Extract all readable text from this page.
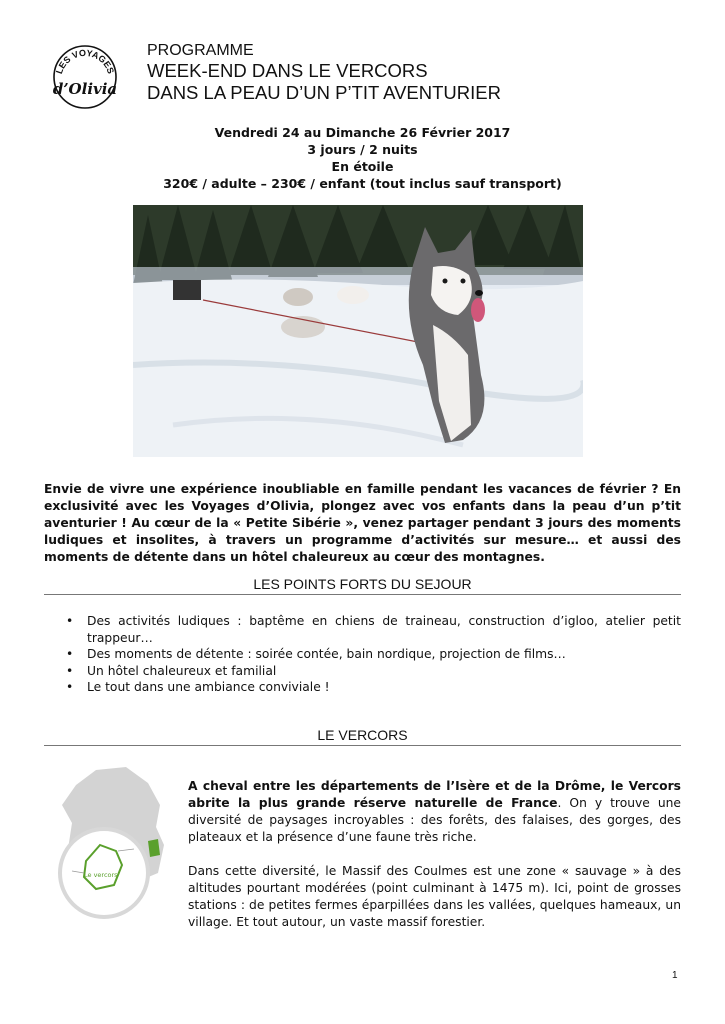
LES VOYAGES
d’Olivia
PROGRAMME
WEEK-END DANS LE VERCORS
DANS LA PEAU D’UN P’TIT AVENTURIER
Vendredi 24 au Dimanche 26 Février 2017
3 jours / 2 nuits
En étoile
320€ / adulte – 230€ / enfant (tout inclus sauf transport)
Envie de vivre une expérience inoubliable en famille pendant les vacances de février ? En exclusivité avec les Voyages d’Olivia, plongez avec vos enfants dans la peau d’un p’tit aventurier ! Au cœur de la « Petite Sibérie », venez partager pendant 3 jours des moments ludiques et insolites, à travers un programme d’activités sur mesure… et aussi des moments de détente dans un hôtel chaleureux au cœur des montagnes.
LES POINTS FORTS DU SEJOUR
• Des activités ludiques : baptême en chiens de traineau, construction d’igloo, atelier petit trappeur…
• Des moments de détente : soirée contée, bain nordique, projection de films…
• Un hôtel chaleureux et familial
• Le tout dans une ambiance conviviale !
LE VERCORS
Le vercors

A cheval entre les départements de l’Isère et de la Drôme, le Vercors abrite la plus grande réserve naturelle de France. On y trouve une diversité de paysages incroyables : des forêts, des falaises, des gorges, des plateaux et la présence d’une faune très riche.

Dans cette diversité, le Massif des Coulmes est une zone « sauvage » à des altitudes pourtant modérées (point culminant à 1475 m). Ici, point de grosses stations : de petites fermes éparpillées dans les vallées, quelques hameaux, un village. Et tout autour, un vaste massif forestier.

1
